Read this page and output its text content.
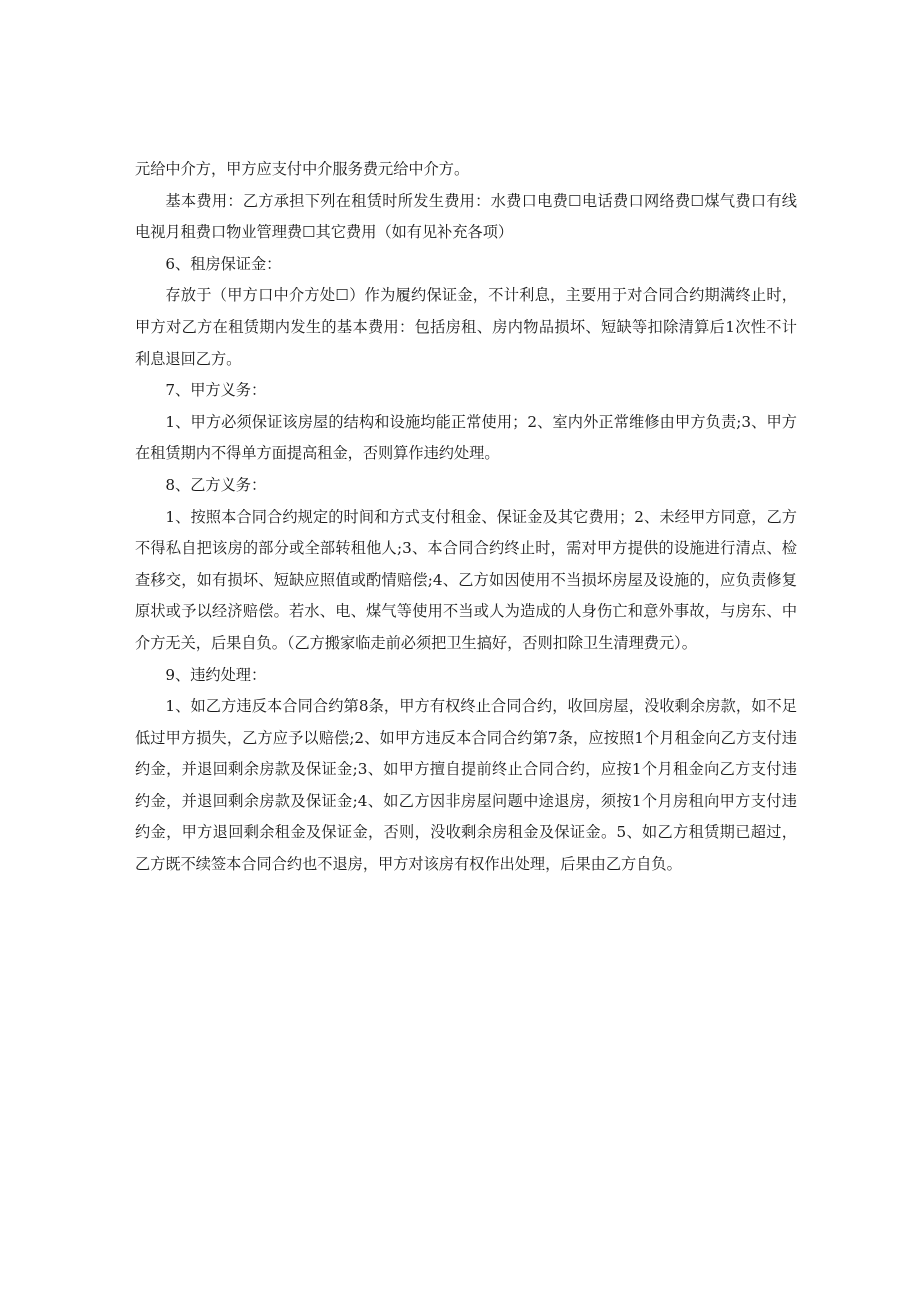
元给中介方，甲方应支付中介服务费元给中介方。

基本费用：乙方承担下列在租赁时所发生费用：水费口电费☐电话费口网络费☐煤气费口有线电视月租费口物业管理费☐其它费用（如有见补充各项）

6、租房保证金：

存放于（甲方口中介方处☐）作为履约保证金，不计利息，主要用于对合同合约期满终止时，甲方对乙方在租赁期内发生的基本费用：包括房租、房内物品损坏、短缺等扣除清算后1次性不计利息退回乙方。

7、甲方义务：

1、甲方必须保证该房屋的结构和设施均能正常使用；2、室内外正常维修由甲方负责;3、甲方在租赁期内不得单方面提高租金，否则算作违约处理。

8、乙方义务：

1、按照本合同合约规定的时间和方式支付租金、保证金及其它费用；2、未经甲方同意，乙方不得私自把该房的部分或全部转租他人;3、本合同合约终止时，需对甲方提供的设施进行清点、检查移交，如有损坏、短缺应照值或酌情赔偿;4、乙方如因使用不当损坏房屋及设施的，应负责修复原状或予以经济赔偿。若水、电、煤气等使用不当或人为造成的人身伤亡和意外事故，与房东、中介方无关，后果自负。（乙方搬家临走前必须把卫生搞好，否则扣除卫生清理费元）。

9、违约处理：

1、如乙方违反本合同合约第8条，甲方有权终止合同合约，收回房屋，没收剩余房款，如不足低过甲方损失，乙方应予以赔偿;2、如甲方违反本合同合约第7条，应按照1个月租金向乙方支付违约金，并退回剩余房款及保证金;3、如甲方擅自提前终止合同合约，应按1个月租金向乙方支付违约金，并退回剩余房款及保证金;4、如乙方因非房屋问题中途退房，须按1个月房租向甲方支付违约金，甲方退回剩余租金及保证金，否则，没收剩余房租金及保证金。5、如乙方租赁期已超过，乙方既不续签本合同合约也不退房，甲方对该房有权作出处理，后果由乙方自负。
